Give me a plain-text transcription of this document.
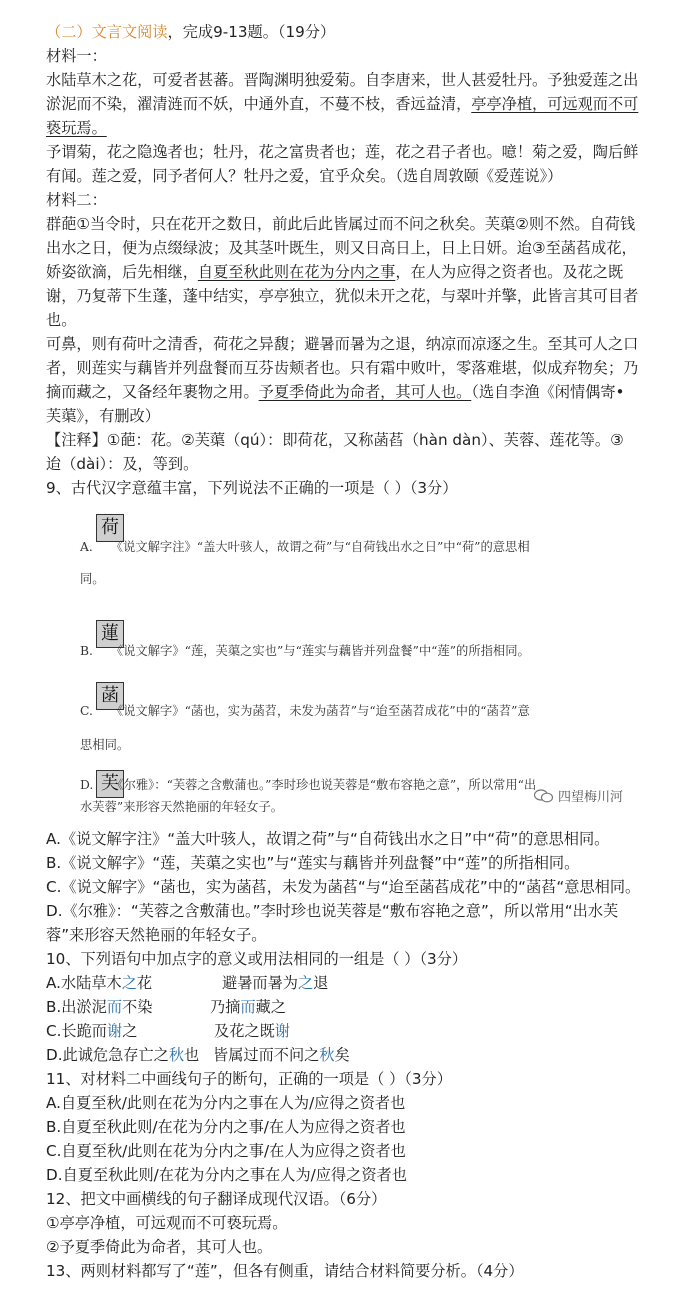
（二）文言文阅读，完成9-13题。（19分）
材料一：
水陆草木之花，可爱者甚蕃。晋陶渊明独爱菊。自李唐来，世人甚爱牡丹。予独爱莲之出
淤泥而不染，濯清涟而不妖，中通外直，不蔓不枝，香远益清，亭亭净植，可远观而不可
亵玩焉。
予谓菊，花之隐逸者也；牡丹，花之富贵者也；莲，花之君子者也。噫！菊之爱，陶后鲜
有闻。莲之爱，同予者何人？牡丹之爱，宜乎众矣。（选自周敦颐《爱莲说》）
材料二：
群葩①当令时，只在花开之数日，前此后此皆属过而不问之秋矣。芙蕖②则不然。自荷钱
出水之日，便为点缀绿波；及其茎叶既生，则又日高日上，日上日妍。迨③至菡萏成花，
娇姿欲滴，后先相继，自夏至秋此则在花为分内之事，在人为应得之资者也。及花之既
谢，乃复蒂下生蓬，蓬中结实，亭亭独立，犹似未开之花，与翠叶并擎，此皆言其可目者
也。
可鼻，则有荷叶之清香，荷花之异馥；避暑而暑为之退，纳凉而凉逐之生。至其可人之口
者，则莲实与藕皆并列盘餐而互芬齿颊者也。只有霜中败叶，零落难堪，似成弃物矣；乃
摘而藏之，又备经年裹物之用。予夏季倚此为命者，其可人也。（选自李渔《闲情偶寄•
芙蕖》，有删改）
【注释】①葩：花。②芙蕖（qú）：即荷花，又称菡萏（hàn dàn）、芙蓉、莲花等。③
迨（dài）：及，等到。
9、古代汉字意蕴丰富，下列说法不正确的一项是（ ）（3分）
荷
A. 《说文解字注》“盖大叶骇人，故谓之荷”与“自荷钱出水之日”中“荷”的意思相
同。
蓮
B. 《说文解字》“莲，芙蕖之实也”与“莲实与藕皆并列盘餐”中“莲”的所指相同。
菡
C. 《说文解字》“菡也，实为菡苕，未发为菡苕”与“迨至菡苕成花”中的“菡苕”意
思相同。
芙
D. 《尔雅》：“芙蓉之含敷蒲也。”李时珍也说芙蓉是“敷布容艳之意”，所以常用“出
水芙蓉”来形容天然艳丽的年轻女子。
四望梅川河
A.《说文解字注》“盖大叶骇人，故谓之荷”与“自荷钱出水之日”中“荷”的意思相同。
B.《说文解字》“莲，芙蕖之实也”与“莲实与藕皆并列盘餐”中“莲”的所指相同。
C.《说文解字》“菡也，实为菡萏，未发为菡萏“与“迨至菡萏成花”中的“菡萏“意思相同。
D.《尔雅》：“芙蓉之含敷蒲也。”李时珍也说芙蓉是“敷布容艳之意”，所以常用“出水芙
蓉”来形容天然艳丽的年轻女子。
10、下列语句中加点字的意义或用法相同的一组是（ ）（3分）
A.水陆草木之花	避暑而暑为之退
B.出淤泥而不染	乃摘而藏之
C.长跪而谢之	及花之既谢
D.此诚危急存亡之秋也 皆属过而不问之秋矣
11、对材料二中画线句子的断句，正确的一项是（ ）（3分）
A.自夏至秋/此则在花为分内之事在人为/应得之资者也
B.自夏至秋此则/在花为分内之事/在人为应得之资者也
C.自夏至秋/此则在花为分内之事/在人为应得之资者也
D.自夏至秋此则/在花为分内之事在人为/应得之资者也
12、把文中画横线的句子翻译成现代汉语。（6分）
①亭亭净植，可远观而不可亵玩焉。
②予夏季倚此为命者，其可人也。
13、两则材料都写了“莲”，但各有侧重，请结合材料简要分析。（4分）
